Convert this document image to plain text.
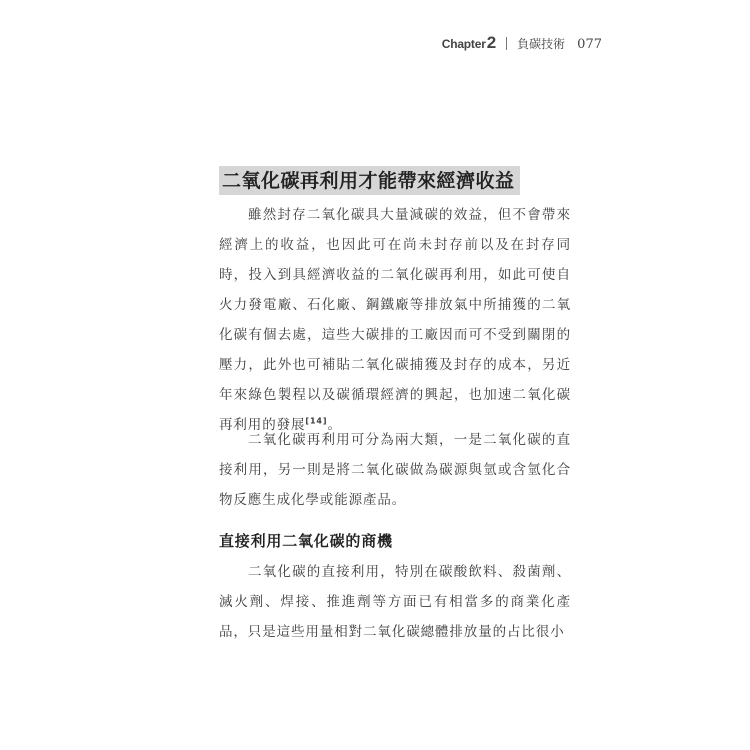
Chapter2 負碳技術 077
二氧化碳再利用才能帶來經濟收益

雖然封存二氧化碳具大量減碳的效益，但不會帶來經濟上的收益，也因此可在尚未封存前以及在封存同時，投入到具經濟收益的二氧化碳再利用，如此可使自火力發電廠、石化廠、鋼鐵廠等排放氣中所捕獲的二氧化碳有個去處，這些大碳排的工廠因而可不受到關閉的壓力，此外也可補貼二氧化碳捕獲及封存的成本，另近年來綠色製程以及碳循環經濟的興起，也加速二氧化碳再利用的發展[14]。

二氧化碳再利用可分為兩大類，一是二氧化碳的直接利用，另一則是將二氧化碳做為碳源與氫或含氫化合物反應生成化學或能源產品。

直接利用二氧化碳的商機

二氧化碳的直接利用，特別在碳酸飲料、殺菌劑、滅火劑、焊接、推進劑等方面已有相當多的商業化產品，只是這些用量相對二氧化碳總體排放量的占比很小
